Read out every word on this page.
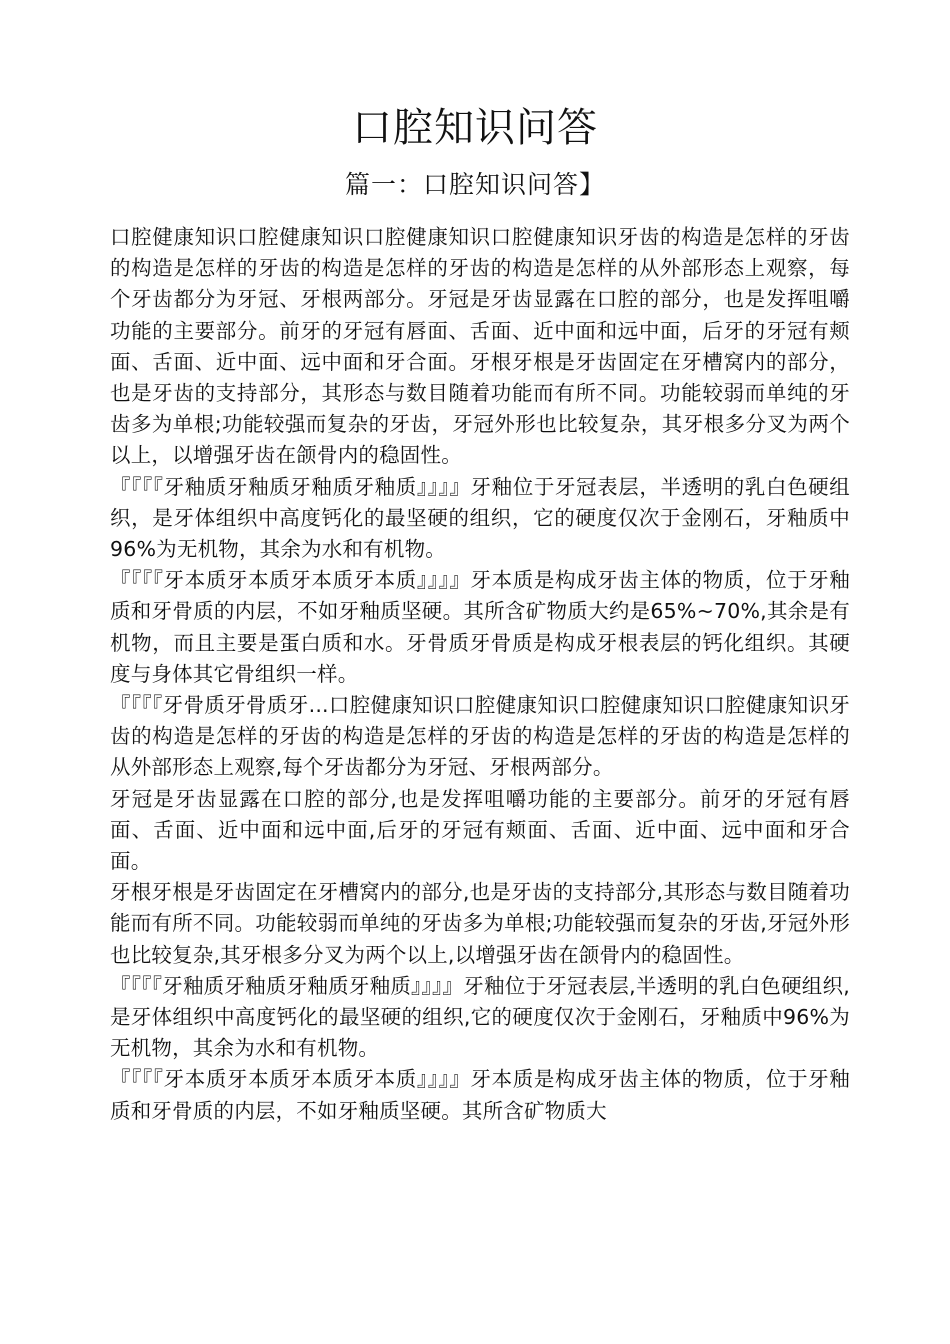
口腔知识问答
篇一：口腔知识问答】

口腔健康知识口腔健康知识口腔健康知识口腔健康知识牙齿的构造是怎样的牙齿的构造是怎样的牙齿的构造是怎样的牙齿的构造是怎样的从外部形态上观察，每个牙齿都分为牙冠、牙根两部分。牙冠是牙齿显露在口腔的部分，也是发挥咀嚼功能的主要部分。前牙的牙冠有唇面、舌面、近中面和远中面，后牙的牙冠有颊面、舌面、近中面、远中面和牙合面。牙根牙根是牙齿固定在牙槽窝内的部分，也是牙齿的支持部分，其形态与数目随着功能而有所不同。功能较弱而单纯的牙齿多为单根;功能较强而复杂的牙齿，牙冠外形也比较复杂，其牙根多分叉为两个以上，以增强牙齿在颌骨内的稳固性。

『『『『牙釉质牙釉质牙釉质牙釉质』』』』牙釉位于牙冠表层，半透明的乳白色硬组织，是牙体组织中高度钙化的最坚硬的组织，它的硬度仅次于金刚石，牙釉质中96%为无机物，其余为水和有机物。

『『『『牙本质牙本质牙本质牙本质』』』』牙本质是构成牙齿主体的物质，位于牙釉质和牙骨质的内层，不如牙釉质坚硬。其所含矿物质大约是65%~70%,其余是有机物，而且主要是蛋白质和水。牙骨质牙骨质是构成牙根表层的钙化组织。其硬度与身体其它骨组织一样。

『『『『牙骨质牙骨质牙...口腔健康知识口腔健康知识口腔健康知识口腔健康知识牙齿的构造是怎样的牙齿的构造是怎样的牙齿的构造是怎样的牙齿的构造是怎样的从外部形态上观察,每个牙齿都分为牙冠、牙根两部分。

牙冠是牙齿显露在口腔的部分,也是发挥咀嚼功能的主要部分。前牙的牙冠有唇面、舌面、近中面和远中面,后牙的牙冠有颊面、舌面、近中面、远中面和牙合面。

牙根牙根是牙齿固定在牙槽窝内的部分,也是牙齿的支持部分,其形态与数目随着功能而有所不同。功能较弱而单纯的牙齿多为单根;功能较强而复杂的牙齿,牙冠外形也比较复杂,其牙根多分叉为两个以上,以增强牙齿在颌骨内的稳固性。

『『『『牙釉质牙釉质牙釉质牙釉质』』』』牙釉位于牙冠表层,半透明的乳白色硬组织,是牙体组织中高度钙化的最坚硬的组织,它的硬度仅次于金刚石，牙釉质中96%为无机物，其余为水和有机物。

『『『『牙本质牙本质牙本质牙本质』』』』牙本质是构成牙齿主体的物质，位于牙釉质和牙骨质的内层，不如牙釉质坚硬。其所含矿物质大
